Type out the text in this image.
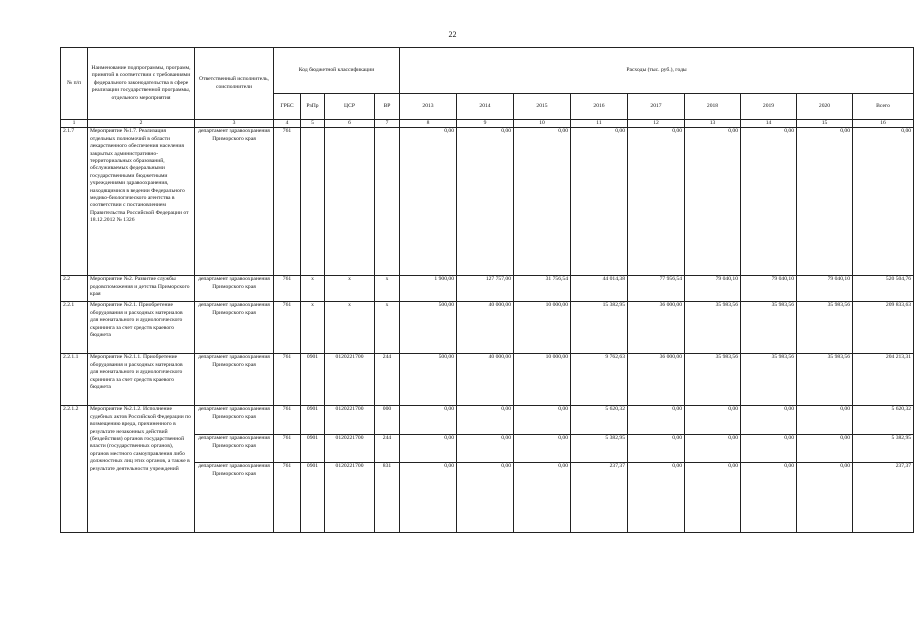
22
№ п/п	Наименование подпрограммы, программ, принятой в соответствии с требованиями федерального законодательства в сфере реализации государственной программы, отдельного мероприятия	Ответственный исполнитель, соисполнители	Код бюджетной классификации				Расходы (тыс. руб.), годы								
			ГРБС	РзПр	ЦСР	ВР	2013	2014	2015	2016	2017	2018	2019	2020	Всего
1	2	3	4	5	6	7	8	9	10	11	12	13	14	15	16
2.1.7	Мероприятие №1.7. Реализация отдельных полномочий в области лекарственного обеспечения населения закрытых административно-территориальных образований, обслуживаемых федеральными государственными бюджетными учреждениями здравоохранения, находящимися в ведении Федерального медико-биологического агентства в соответствии с постановлением Правительства Российской Федерации от 18.12.2012 № 1326	департамент здравоохранения Приморского края	761				0,00	0,00	0,00	0,00	0,00	0,00	0,00	0,00	0,00
2.2	Мероприятие №2. Развитие службы родовспоможения и детства Приморского края	департамент здравоохранения Приморского края	761	x	x	x	1 900,00	127 757,00	31 756,54	44 014,38	77 956,54	79 040,10	79 040,10	79 040,10	520 504,76
2.2.1	Мероприятие №2.1. Приобретение оборудования и расходных материалов для неонатального и аудиологического скрининга за счет средств краевого бюджета	департамент здравоохранения Приморского края	761	x	x	x	500,00	40 000,00	10 000,00	15 382,95	36 000,00	35 983,56	35 983,56	35 983,56	209 833,63
2.2.1.1	Мероприятие №2.1.1. Приобретение оборудования и расходных материалов для неонатального и аудиологического скрининга за счет средств краевого бюджета	департамент здравоохранения Приморского края	761	0901	0120221700	244	500,00	40 000,00	10 000,00	9 762,63	36 000,00	35 983,56	35 983,56	35 983,56	204 213,31
2.2.1.2	Мероприятие №2.1.2. Исполнение судебных актов Российской Федерации по возмещению вреда, причиненного в результате незаконных действий (бездействия) органов государственной власти (государственных органов), органов местного самоуправления либо должностных лиц этих органов, а также в результате деятельности учреждений	департамент здравоохранения Приморского края	761	0901	0120221700	000	0,00	0,00	0,00	5 620,32	0,00	0,00	0,00	0,00	5 620,32
		департамент здравоохранения Приморского края	761	0901	0120221700	244	0,00	0,00	0,00	5 382,95	0,00	0,00	0,00	0,00	5 382,95
		департамент здравоохранения Приморского края	761	0901	0120221700	831	0,00	0,00	0,00	237,37	0,00	0,00	0,00	0,00	237,37
